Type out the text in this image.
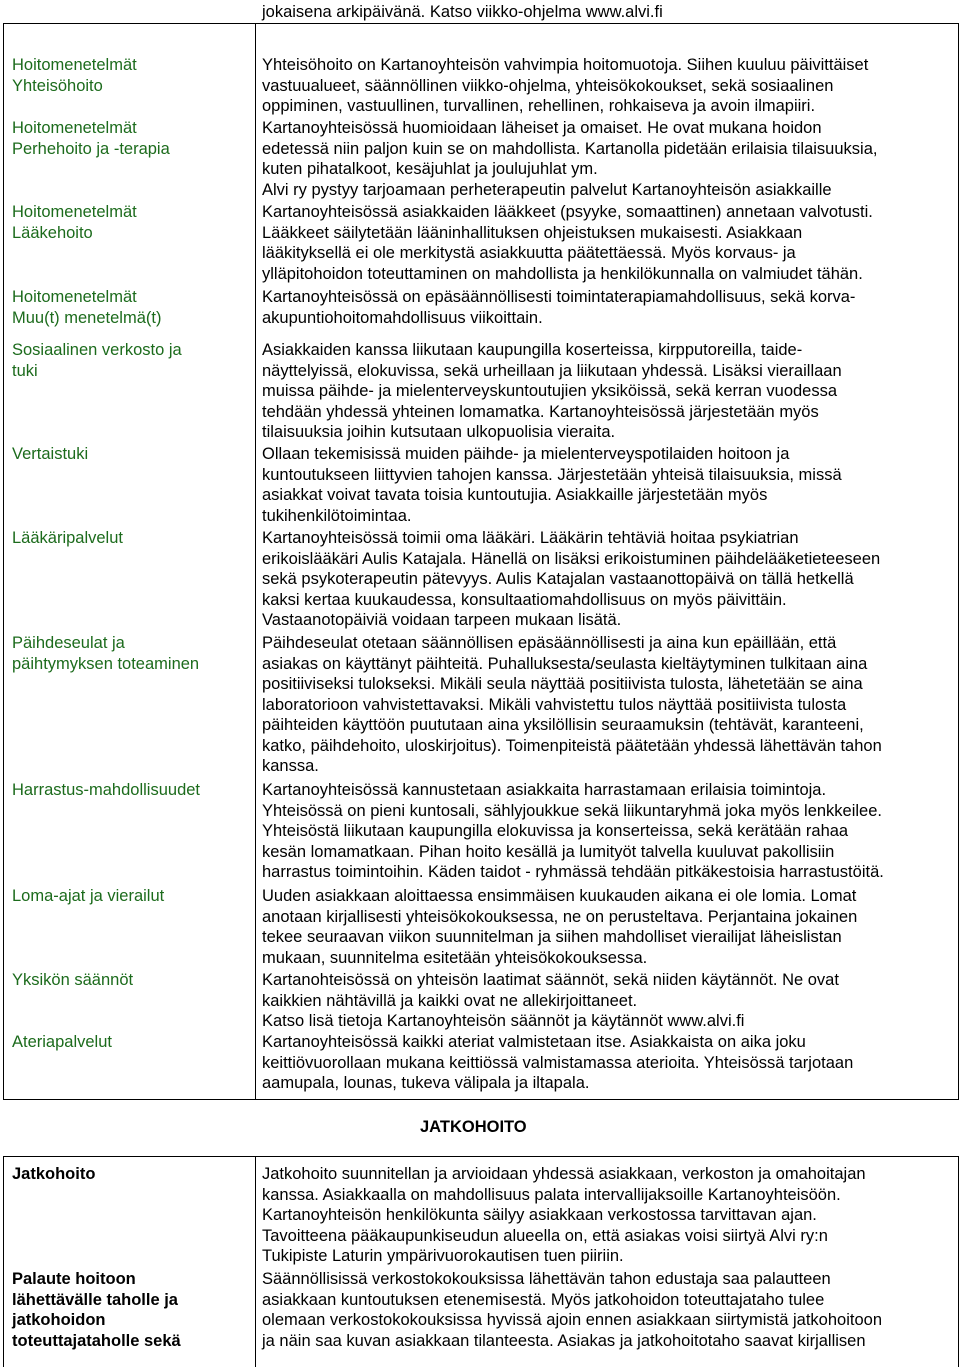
jokaisena arkipäivänä. Katso viikko-ohjelma www.alvi.fi
Hoitomenetelmät
Yhteisöhoito
Hoitomenetelmät
Perhehoito ja -terapia
Hoitomenetelmät
Lääkehoito
Hoitomenetelmät
Muu(t) menetelmä(t)
Sosiaalinen verkosto ja
tuki
Vertaistuki
Lääkäripalvelut
Päihdeseulat ja
päihtymyksen toteaminen
Harrastus-mahdollisuudet
Loma-ajat ja vierailut
Yksikön säännöt
Ateriapalvelut
Yhteisöhoito on Kartanoyhteisön vahvimpia hoitomuotoja. Siihen kuuluu päivittäiset
vastuualueet, säännöllinen viikko-ohjelma, yhteisökokoukset, sekä sosiaalinen
oppiminen, vastuullinen, turvallinen, rehellinen, rohkaiseva ja avoin ilmapiiri.
Kartanoyhteisössä huomioidaan läheiset ja omaiset. He ovat mukana hoidon
edetessä niin paljon kuin se on mahdollista. Kartanolla pidetään erilaisia tilaisuuksia,
kuten pihatalkoot, kesäjuhlat ja joulujuhlat ym.
Alvi ry pystyy tarjoamaan perheterapeutin palvelut Kartanoyhteisön asiakkaille
Kartanoyhteisössä asiakkaiden lääkkeet (psyyke, somaattinen) annetaan valvotusti.
Lääkkeet säilytetään lääninhallituksen ohjeistuksen mukaisesti. Asiakkaan
lääkityksellä ei ole merkitystä asiakkuutta päätettäessä. Myös korvaus- ja
ylläpitohoidon toteuttaminen on mahdollista ja henkilökunnalla on valmiudet tähän.
Kartanoyhteisössä on epäsäännöllisesti toimintaterapiamahdollisuus, sekä korva-
akupuntiohoitomahdollisuus viikoittain.
Asiakkaiden kanssa liikutaan kaupungilla koserteissa, kirpputoreilla, taide-
näyttelyissä, elokuvissa, sekä urheillaan ja liikutaan yhdessä. Lisäksi vieraillaan
muissa päihde- ja mielenterveyskuntoutujien yksiköissä, sekä kerran vuodessa
tehdään yhdessä yhteinen lomamatka. Kartanoyhteisössä järjestetään myös
tilaisuuksia joihin kutsutaan ulkopuolisia vieraita.
Ollaan tekemisissä muiden päihde- ja mielenterveyspotilaiden hoitoon ja
kuntoutukseen liittyvien tahojen kanssa. Järjestetään yhteisä tilaisuuksia, missä
asiakkat voivat tavata toisia kuntoutujia. Asiakkaille järjestetään myös
tukihenkilötoimintaa.
Kartanoyhteisössä toimii oma lääkäri. Lääkärin tehtäviä hoitaa psykiatrian
erikoislääkäri Aulis Katajala. Hänellä on lisäksi erikoistuminen päihdelääketieteeseen
sekä psykoterapeutin pätevyys. Aulis Katajalan vastaanottopäivä on tällä hetkellä
kaksi kertaa kuukaudessa, konsultaatiomahdollisuus on myös päivittäin.
Vastaanotopäiviä voidaan tarpeen mukaan lisätä.
Päihdeseulat otetaan säännöllisen epäsäännöllisesti ja aina kun epäillään, että
asiakas on käyttänyt päihteitä. Puhalluksesta/seulasta kieltäytyminen tulkitaan aina
positiiviseksi tulokseksi. Mikäli seula näyttää positiivista tulosta, lähetetään se aina
laboratorioon vahvistettavaksi. Mikäli vahvistettu tulos näyttää positiivista tulosta
päihteiden käyttöön puututaan aina yksilöllisin seuraamuksin (tehtävät, karanteeni,
katko, päihdehoito, uloskirjoitus). Toimenpiteistä päätetään yhdessä lähettävän tahon
kanssa.
Kartanoyhteisössä kannustetaan asiakkaita harrastamaan erilaisia toimintoja.
Yhteisössä on pieni kuntosali, sählyjoukkue sekä liikuntaryhmä joka myös lenkkeilee.
Yhteisöstä liikutaan kaupungilla elokuvissa ja konserteissa, sekä kerätään rahaa
kesän lomamatkaan. Pihan hoito kesällä ja lumityöt talvella kuuluvat pakollisiin
harrastus toimintoihin. Käden taidot - ryhmässä tehdään pitkäkestoisia harrastustöitä.
Uuden asiakkaan aloittaessa ensimmäisen kuukauden aikana ei ole lomia. Lomat
anotaan kirjallisesti yhteisökokouksessa, ne on perusteltava. Perjantaina jokainen
tekee seuraavan viikon suunnitelman ja siihen mahdolliset vierailijat läheislistan
mukaan, suunnitelma esitetään yhteisökokouksessa.
Kartanohteisössä on yhteisön laatimat säännöt, sekä niiden käytännöt. Ne ovat
kaikkien nähtävillä ja kaikki ovat ne allekirjoittaneet.
Katso lisä tietoja Kartanoyhteisön säännöt ja käytännöt www.alvi.fi
Kartanoyhteisössä kaikki ateriat valmistetaan itse. Asiakkaista on aika joku
keittiövuorollaan mukana keittiössä valmistamassa aterioita. Yhteisössä tarjotaan
aamupala, lounas, tukeva välipala ja iltapala.
JATKOHOITO
Jatkohoito
Palaute hoitoon
lähettävälle taholle ja
jatkohoidon
toteuttajataholle sekä
Jatkohoito suunnitellan ja arvioidaan yhdessä asiakkaan, verkoston ja omahoitajan
kanssa. Asiakkaalla on mahdollisuus palata intervallijaksoille Kartanoyhteisöön.
Kartanoyhteisön henkilökunta säilyy asiakkaan verkostossa tarvittavan ajan.
Tavoitteena pääkaupunkiseudun alueella on, että asiakas voisi siirtyä Alvi ry:n
Tukipiste Laturin ympärivuorokautisen tuen piiriin.
Säännöllisissä verkostokokouksissa lähettävän tahon edustaja saa palautteen
asiakkaan kuntoutuksen etenemisestä. Myös jatkohoidon toteuttajataho tulee
olemaan verkostokokouksissa hyvissä ajoin ennen asiakkaan siirtymistä jatkohoitoon
ja näin saa kuvan asiakkaan tilanteesta. Asiakas ja jatkohoitotaho saavat kirjallisen
